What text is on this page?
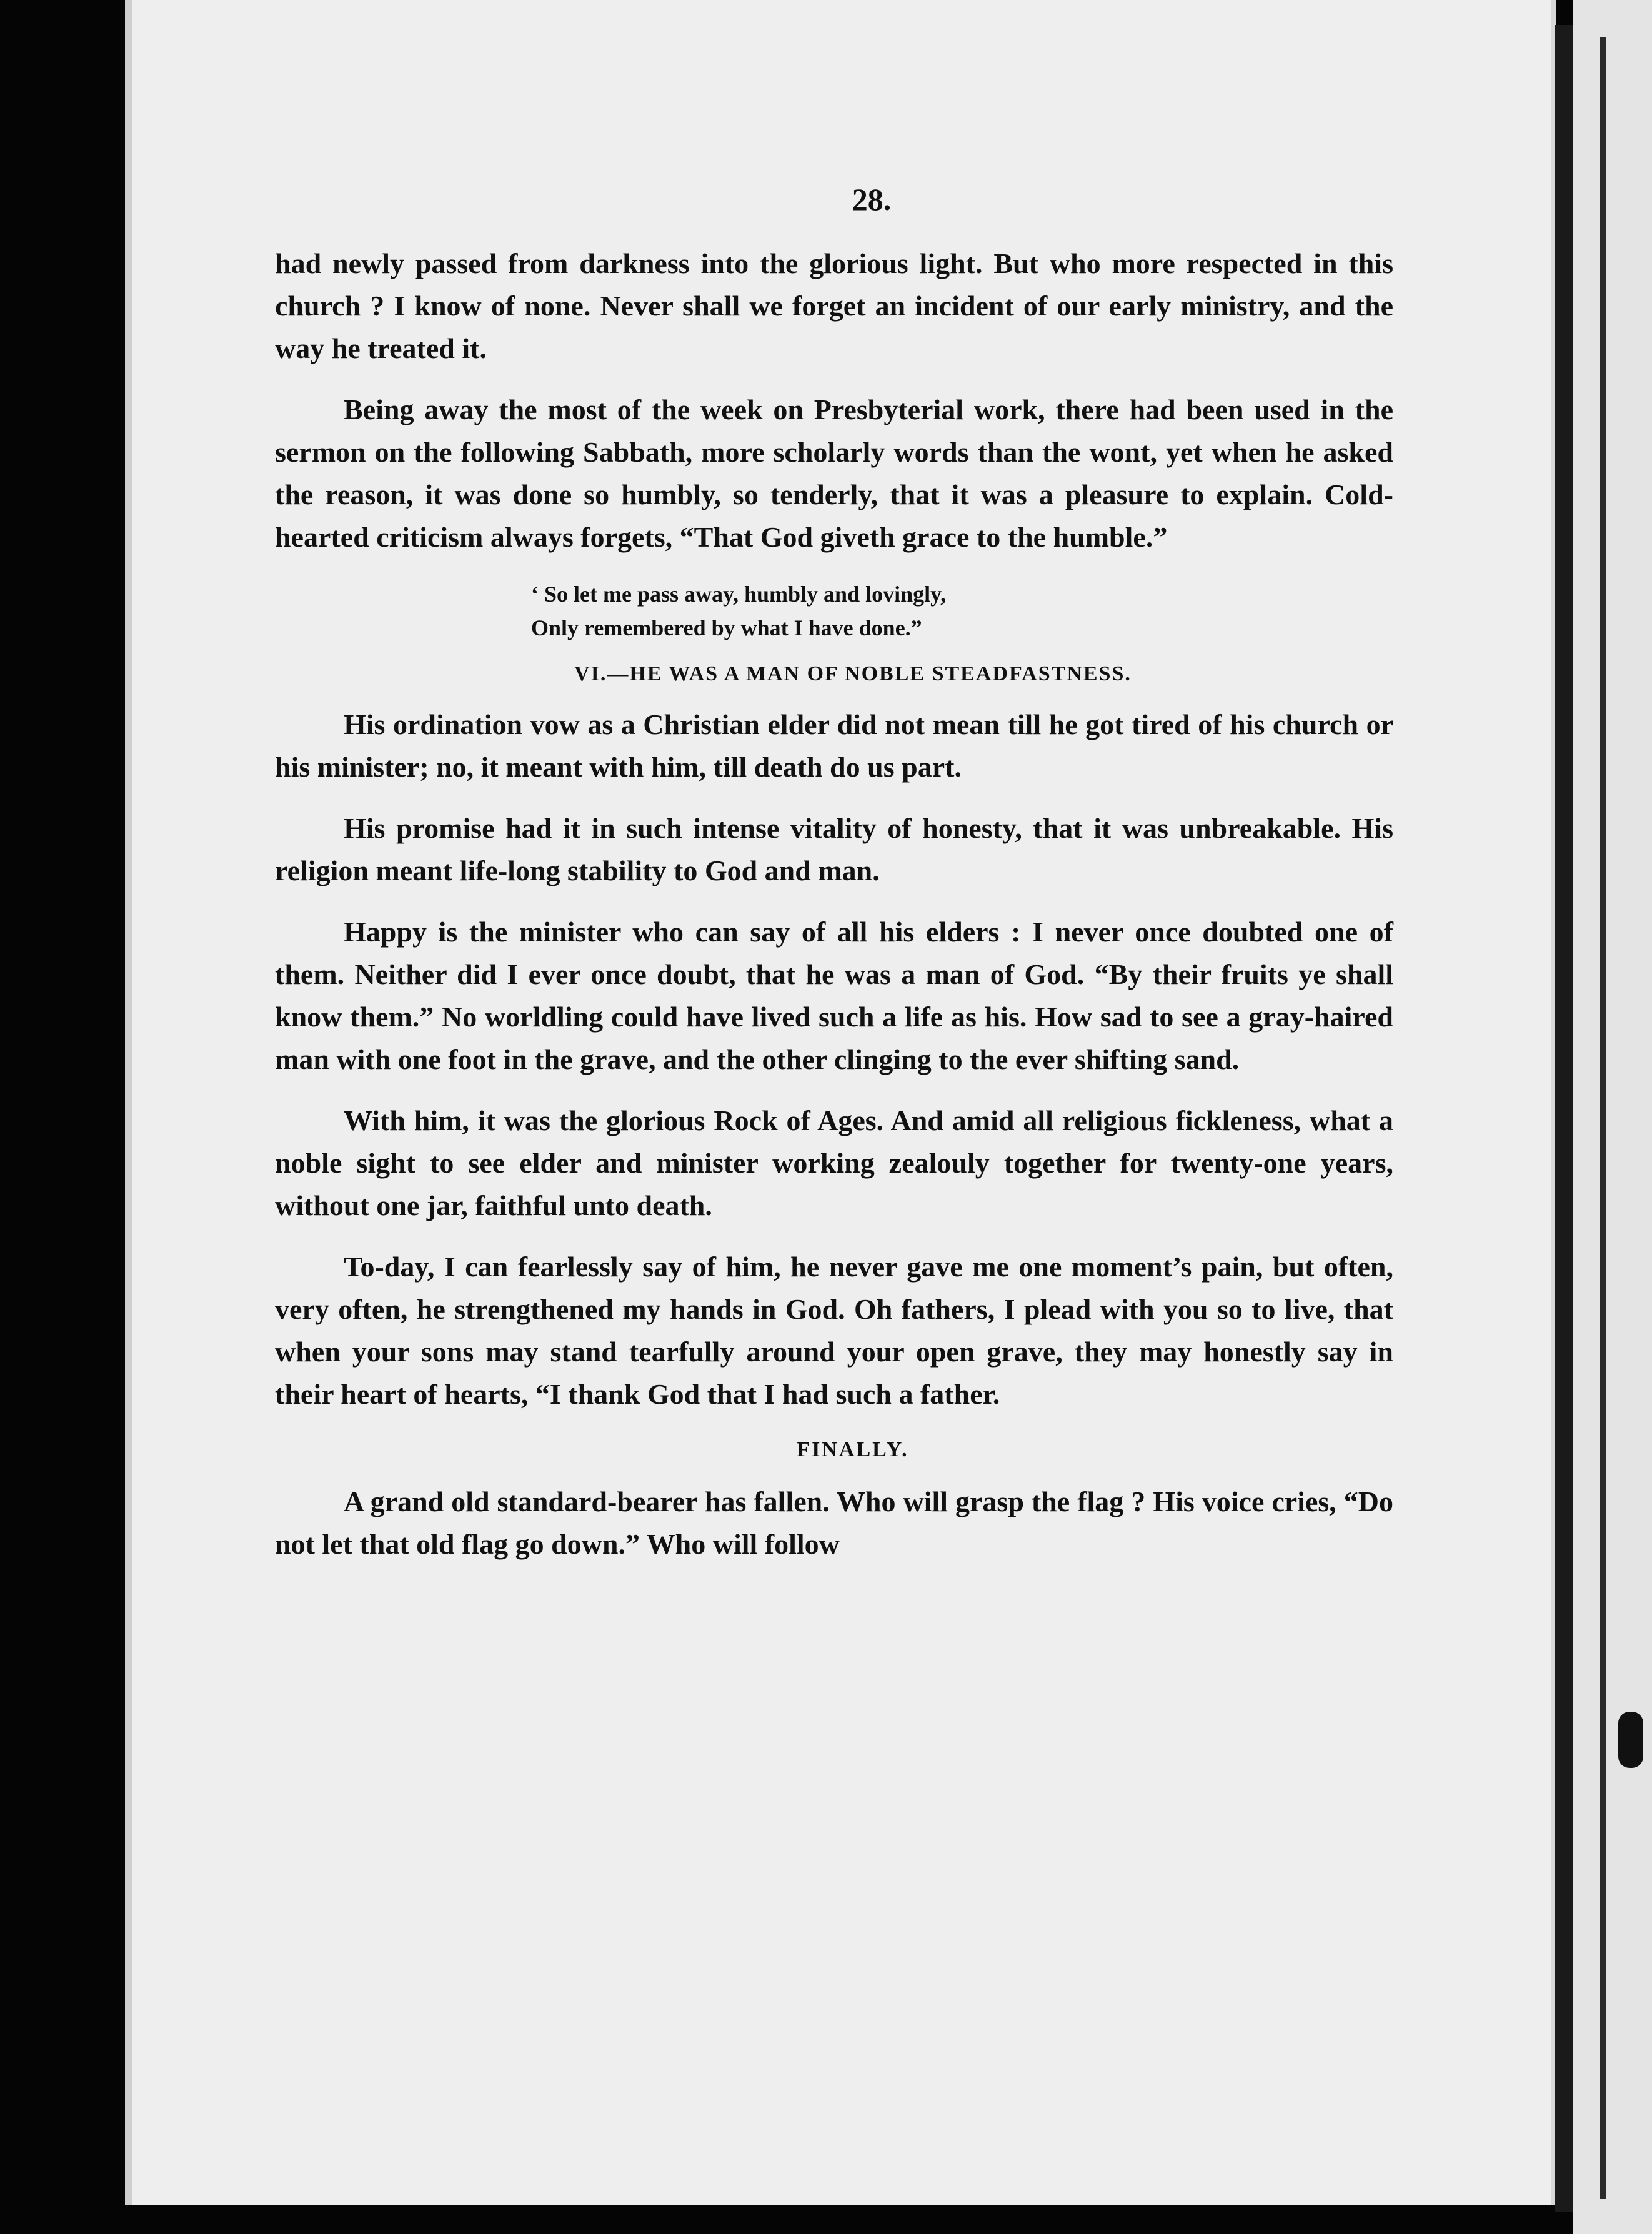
28.

had newly passed from darkness into the glorious light. But who more respected in this church ? I know of none. Never shall we forget an incident of our early ministry, and the way he treated it.

Being away the most of the week on Presbyterial work, there had been used in the sermon on the following Sabbath, more scholarly words than the wont, yet when he asked the reason, it was done so humbly, so tenderly, that it was a pleasure to explain. Cold-hearted criticism always forgets, “That God giveth grace to the humble.”

‘ So let me pass away, humbly and lovingly,
Only remembered by what I have done.”
VI.—HE WAS A MAN OF NOBLE STEADFASTNESS.

His ordination vow as a Christian elder did not mean till he got tired of his church or his minister; no, it meant with him, till death do us part.

His promise had it in such intense vitality of honesty, that it was unbreakable. His religion meant life-long stability to God and man.

Happy is the minister who can say of all his elders : I never once doubted one of them. Neither did I ever once doubt, that he was a man of God. “By their fruits ye shall know them.” No worldling could have lived such a life as his. How sad to see a gray-haired man with one foot in the grave, and the other clinging to the ever shifting sand.

With him, it was the glorious Rock of Ages. And amid all religious fickleness, what a noble sight to see elder and minister working zealouly together for twenty-one years, without one jar, faithful unto death.

To-day, I can fearlessly say of him, he never gave me one moment’s pain, but often, very often, he strengthened my hands in God. Oh fathers, I plead with you so to live, that when your sons may stand tearfully around your open grave, they may honestly say in their heart of hearts, “I thank God that I had such a father.

FINALLY.

A grand old standard-bearer has fallen. Who will grasp the flag ? His voice cries, “Do not let that old flag go down.” Who will follow
